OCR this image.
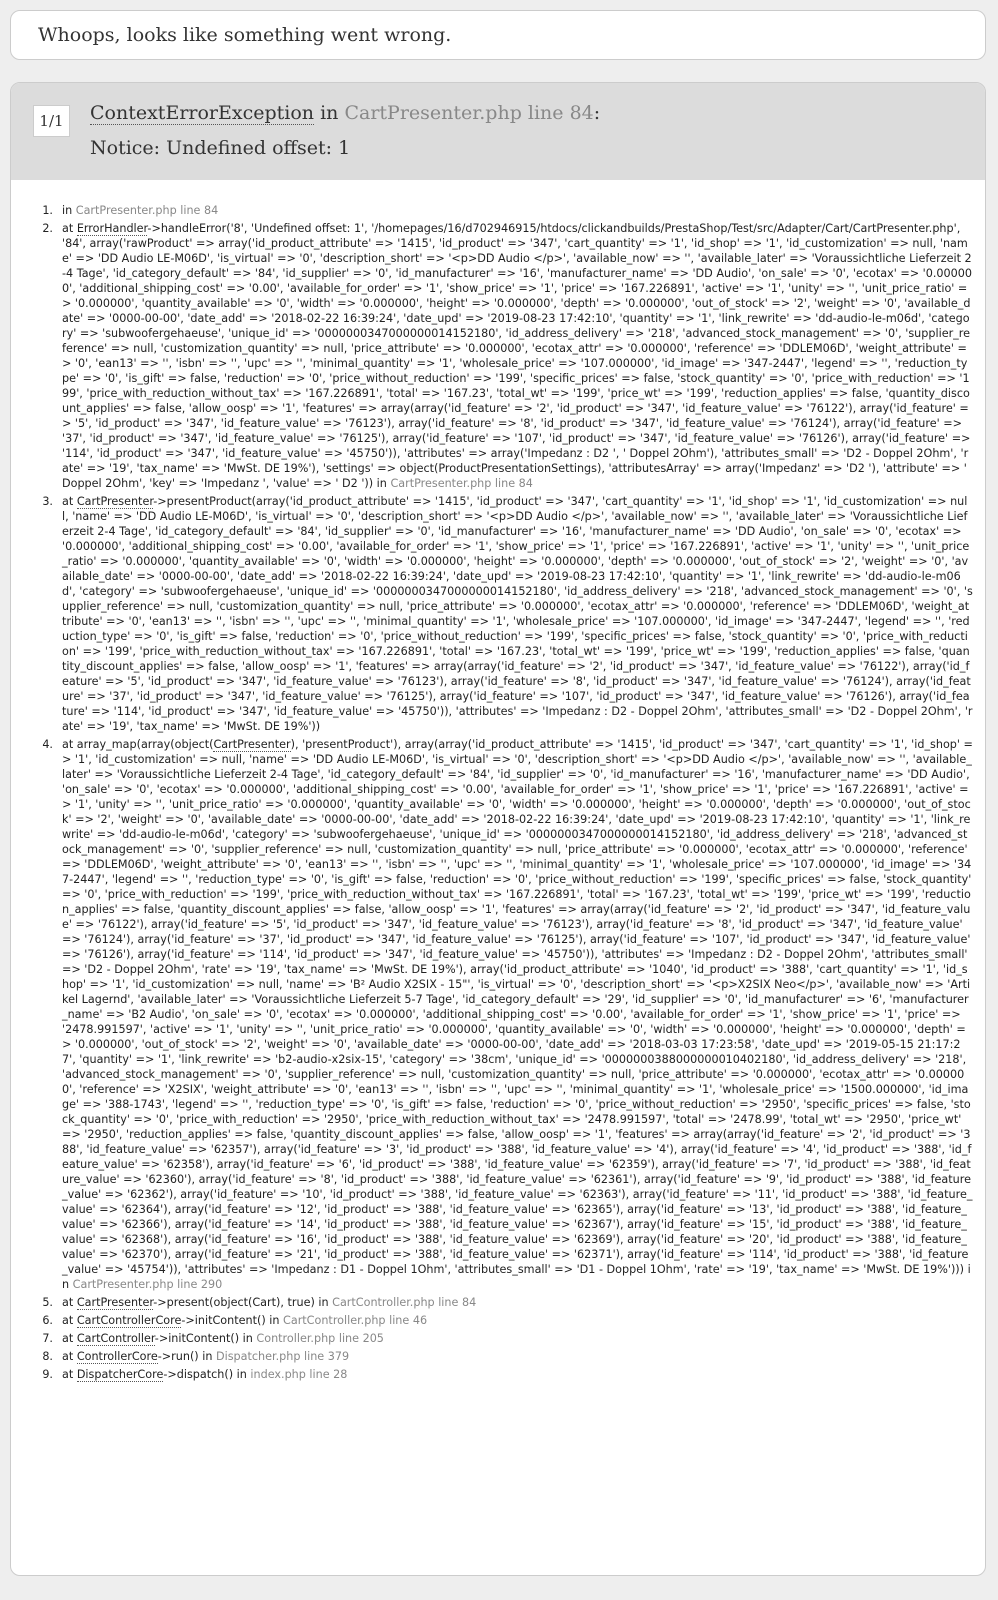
Whoops, looks like something went wrong.
1/1	ContextErrorException in CartPresenter.php line 84:
Notice: Undefined offset: 1
1. in CartPresenter.php line 84
2. at ErrorHandler->handleError('8', 'Undefined offset: 1', '/homepages/16/d702946915/htdocs/clickandbuilds/PrestaShop/Test/src/Adapter/Cart/CartPresenter.php', '84', array('rawProduct' => array('id_product_attribute' => '1415', 'id_product' => '347', 'cart_quantity' => '1', 'id_shop' => '1', 'id_customization' => null, 'name' => 'DD Audio LE-M06D', 'is_virtual' => '0', 'description_short' => '<p>DD Audio </p>', 'available_now' => '', 'available_later' => 'Voraussichtliche Lieferzeit 2-4 Tage', 'id_category_default' => '84', 'id_supplier' => '0', 'id_manufacturer' => '16', 'manufacturer_name' => 'DD Audio', 'on_sale' => '0', 'ecotax' => '0.000000', 'additional_shipping_cost' => '0.00', 'available_for_order' => '1', 'show_price' => '1', 'price' => '167.226891', 'active' => '1', 'unity' => '', 'unit_price_ratio' => '0.000000', 'quantity_available' => '0', 'width' => '0.000000', 'height' => '0.000000', 'depth' => '0.000000', 'out_of_stock' => '2', 'weight' => '0', 'available_date' => '0000-00-00', 'date_add' => '2018-02-22 16:39:24', 'date_upd' => '2019-08-23 17:42:10', 'quantity' => '1', 'link_rewrite' => 'dd-audio-le-m06d', 'category' => 'subwoofergehaeuse', 'unique_id' => '0000000347000000014152180', 'id_address_delivery' => '218', 'advanced_stock_management' => '0', 'supplier_reference' => null, 'customization_quantity' => null, 'price_attribute' => '0.000000', 'ecotax_attr' => '0.000000', 'reference' => 'DDLEM06D', 'weight_attribute' => '0', 'ean13' => '', 'isbn' => '', 'upc' => '', 'minimal_quantity' => '1', 'wholesale_price' => '107.000000', 'id_image' => '347-2447', 'legend' => '', 'reduction_type' => '0', 'is_gift' => false, 'reduction' => '0', 'price_without_reduction' => '199', 'specific_prices' => false, 'stock_quantity' => '0', 'price_with_reduction' => '199', 'price_with_reduction_without_tax' => '167.226891', 'total' => '167.23', 'total_wt' => '199', 'price_wt' => '199', 'reduction_applies' => false, 'quantity_discount_applies' => false, 'allow_oosp' => '1', 'features' => array(array('id_feature' => '2', 'id_product' => '347', 'id_feature_value' => '76122'), array('id_feature' => '5', 'id_product' => '347', 'id_feature_value' => '76123'), array('id_feature' => '8', 'id_product' => '347', 'id_feature_value' => '76124'), array('id_feature' => '37', 'id_product' => '347', 'id_feature_value' => '76125'), array('id_feature' => '107', 'id_product' => '347', 'id_feature_value' => '76126'), array('id_feature' => '114', 'id_product' => '347', 'id_feature_value' => '45750')), 'attributes' => array('Impedanz : D2 ', ' Doppel 2Ohm'), 'attributes_small' => 'D2 - Doppel 2Ohm', 'rate' => '19', 'tax_name' => 'MwSt. DE 19%'), 'settings' => object(ProductPresentationSettings), 'attributesArray' => array('Impedanz' => 'D2 '), 'attribute' => ' Doppel 2Ohm', 'key' => 'Impedanz ', 'value' => ' D2 ')) in CartPresenter.php line 84
3. at CartPresenter->presentProduct(array('id_product_attribute' => '1415', 'id_product' => '347', 'cart_quantity' => '1', 'id_shop' => '1', 'id_customization' => null, 'name' => 'DD Audio LE-M06D', 'is_virtual' => '0', 'description_short' => '<p>DD Audio </p>', 'available_now' => '', 'available_later' => 'Voraussichtliche Lieferzeit 2-4 Tage', 'id_category_default' => '84', 'id_supplier' => '0', 'id_manufacturer' => '16', 'manufacturer_name' => 'DD Audio', 'on_sale' => '0', 'ecotax' => '0.000000', 'additional_shipping_cost' => '0.00', 'available_for_order' => '1', 'show_price' => '1', 'price' => '167.226891', 'active' => '1', 'unity' => '', 'unit_price_ratio' => '0.000000', 'quantity_available' => '0', 'width' => '0.000000', 'height' => '0.000000', 'depth' => '0.000000', 'out_of_stock' => '2', 'weight' => '0', 'available_date' => '0000-00-00', 'date_add' => '2018-02-22 16:39:24', 'date_upd' => '2019-08-23 17:42:10', 'quantity' => '1', 'link_rewrite' => 'dd-audio-le-m06d', 'category' => 'subwoofergehaeuse', 'unique_id' => '0000000347000000014152180', 'id_address_delivery' => '218', 'advanced_stock_management' => '0', 'supplier_reference' => null, 'customization_quantity' => null, 'price_attribute' => '0.000000', 'ecotax_attr' => '0.000000', 'reference' => 'DDLEM06D', 'weight_attribute' => '0', 'ean13' => '', 'isbn' => '', 'upc' => '', 'minimal_quantity' => '1', 'wholesale_price' => '107.000000', 'id_image' => '347-2447', 'legend' => '', 'reduction_type' => '0', 'is_gift' => false, 'reduction' => '0', 'price_without_reduction' => '199', 'specific_prices' => false, 'stock_quantity' => '0', 'price_with_reduction' => '199', 'price_with_reduction_without_tax' => '167.226891', 'total' => '167.23', 'total_wt' => '199', 'price_wt' => '199', 'reduction_applies' => false, 'quantity_discount_applies' => false, 'allow_oosp' => '1', 'features' => array(array('id_feature' => '2', 'id_product' => '347', 'id_feature_value' => '76122'), array('id_feature' => '5', 'id_product' => '347', 'id_feature_value' => '76123'), array('id_feature' => '8', 'id_product' => '347', 'id_feature_value' => '76124'), array('id_feature' => '37', 'id_product' => '347', 'id_feature_value' => '76125'), array('id_feature' => '107', 'id_product' => '347', 'id_feature_value' => '76126'), array('id_feature' => '114', 'id_product' => '347', 'id_feature_value' => '45750')), 'attributes' => 'Impedanz : D2 - Doppel 2Ohm', 'attributes_small' => 'D2 - Doppel 2Ohm', 'rate' => '19', 'tax_name' => 'MwSt. DE 19%'))
4. at array_map(array(object(CartPresenter), 'presentProduct'), array(array('id_product_attribute' => '1415', 'id_product' => '347', 'cart_quantity' => '1', 'id_shop' => '1', 'id_customization' => null, 'name' => 'DD Audio LE-M06D', 'is_virtual' => '0', 'description_short' => '<p>DD Audio </p>', 'available_now' => '', 'available_later' => 'Voraussichtliche Lieferzeit 2-4 Tage', 'id_category_default' => '84', 'id_supplier' => '0', 'id_manufacturer' => '16', 'manufacturer_name' => 'DD Audio', 'on_sale' => '0', 'ecotax' => '0.000000', 'additional_shipping_cost' => '0.00', 'available_for_order' => '1', 'show_price' => '1', 'price' => '167.226891', 'active' => '1', 'unity' => '', 'unit_price_ratio' => '0.000000', 'quantity_available' => '0', 'width' => '0.000000', 'height' => '0.000000', 'depth' => '0.000000', 'out_of_stock' => '2', 'weight' => '0', 'available_date' => '0000-00-00', 'date_add' => '2018-02-22 16:39:24', 'date_upd' => '2019-08-23 17:42:10', 'quantity' => '1', 'link_rewrite' => 'dd-audio-le-m06d', 'category' => 'subwoofergehaeuse', 'unique_id' => '0000000347000000014152180', 'id_address_delivery' => '218', 'advanced_stock_management' => '0', 'supplier_reference' => null, 'customization_quantity' => null, 'price_attribute' => '0.000000', 'ecotax_attr' => '0.000000', 'reference' => 'DDLEM06D', 'weight_attribute' => '0', 'ean13' => '', 'isbn' => '', 'upc' => '', 'minimal_quantity' => '1', 'wholesale_price' => '107.000000', 'id_image' => '347-2447', 'legend' => '', 'reduction_type' => '0', 'is_gift' => false, 'reduction' => '0', 'price_without_reduction' => '199', 'specific_prices' => false, 'stock_quantity' => '0', 'price_with_reduction' => '199', 'price_with_reduction_without_tax' => '167.226891', 'total' => '167.23', 'total_wt' => '199', 'price_wt' => '199', 'reduction_applies' => false, 'quantity_discount_applies' => false, 'allow_oosp' => '1', 'features' => array(array('id_feature' => '2', 'id_product' => '347', 'id_feature_value' => '76122'), array('id_feature' => '5', 'id_product' => '347', 'id_feature_value' => '76123'), array('id_feature' => '8', 'id_product' => '347', 'id_feature_value' => '76124'), array('id_feature' => '37', 'id_product' => '347', 'id_feature_value' => '76125'), array('id_feature' => '107', 'id_product' => '347', 'id_feature_value' => '76126'), array('id_feature' => '114', 'id_product' => '347', 'id_feature_value' => '45750')), 'attributes' => 'Impedanz : D2 - Doppel 2Ohm', 'attributes_small' => 'D2 - Doppel 2Ohm', 'rate' => '19', 'tax_name' => 'MwSt. DE 19%'), array('id_product_attribute' => '1040', 'id_product' => '388', 'cart_quantity' => '1', 'id_shop' => '1', 'id_customization' => null, 'name' => 'B² Audio X2SIX - 15"', 'is_virtual' => '0', 'description_short' => '<p>X2SIX Neo</p>', 'available_now' => 'Artikel Lagernd', 'available_later' => 'Voraussichtliche Lieferzeit 5-7 Tage', 'id_category_default' => '29', 'id_supplier' => '0', 'id_manufacturer' => '6', 'manufacturer_name' => 'B2 Audio', 'on_sale' => '0', 'ecotax' => '0.000000', 'additional_shipping_cost' => '0.00', 'available_for_order' => '1', 'show_price' => '1', 'price' => '2478.991597', 'active' => '1', 'unity' => '', 'unit_price_ratio' => '0.000000', 'quantity_available' => '0', 'width' => '0.000000', 'height' => '0.000000', 'depth' => '0.000000', 'out_of_stock' => '2', 'weight' => '0', 'available_date' => '0000-00-00', 'date_add' => '2018-03-03 17:23:58', 'date_upd' => '2019-05-15 21:17:27', 'quantity' => '1', 'link_rewrite' => 'b2-audio-x2six-15', 'category' => '38cm', 'unique_id' => '0000000388000000010402180', 'id_address_delivery' => '218', 'advanced_stock_management' => '0', 'supplier_reference' => null, 'customization_quantity' => null, 'price_attribute' => '0.000000', 'ecotax_attr' => '0.000000', 'reference' => 'X2SIX', 'weight_attribute' => '0', 'ean13' => '', 'isbn' => '', 'upc' => '', 'minimal_quantity' => '1', 'wholesale_price' => '1500.000000', 'id_image' => '388-1743', 'legend' => '', 'reduction_type' => '0', 'is_gift' => false, 'reduction' => '0', 'price_without_reduction' => '2950', 'specific_prices' => false, 'stock_quantity' => '0', 'price_with_reduction' => '2950', 'price_with_reduction_without_tax' => '2478.991597', 'total' => '2478.99', 'total_wt' => '2950', 'price_wt' => '2950', 'reduction_applies' => false, 'quantity_discount_applies' => false, 'allow_oosp' => '1', 'features' => array(array('id_feature' => '2', 'id_product' => '388', 'id_feature_value' => '62357'), array('id_feature' => '3', 'id_product' => '388', 'id_feature_value' => '4'), array('id_feature' => '4', 'id_product' => '388', 'id_feature_value' => '62358'), array('id_feature' => '6', 'id_product' => '388', 'id_feature_value' => '62359'), array('id_feature' => '7', 'id_product' => '388', 'id_feature_value' => '62360'), array('id_feature' => '8', 'id_product' => '388', 'id_feature_value' => '62361'), array('id_feature' => '9', 'id_product' => '388', 'id_feature_value' => '62362'), array('id_feature' => '10', 'id_product' => '388', 'id_feature_value' => '62363'), array('id_feature' => '11', 'id_product' => '388', 'id_feature_value' => '62364'), array('id_feature' => '12', 'id_product' => '388', 'id_feature_value' => '62365'), array('id_feature' => '13', 'id_product' => '388', 'id_feature_value' => '62366'), array('id_feature' => '14', 'id_product' => '388', 'id_feature_value' => '62367'), array('id_feature' => '15', 'id_product' => '388', 'id_feature_value' => '62368'), array('id_feature' => '16', 'id_product' => '388', 'id_feature_value' => '62369'), array('id_feature' => '20', 'id_product' => '388', 'id_feature_value' => '62370'), array('id_feature' => '21', 'id_product' => '388', 'id_feature_value' => '62371'), array('id_feature' => '114', 'id_product' => '388', 'id_feature_value' => '45754')), 'attributes' => 'Impedanz : D1 - Doppel 1Ohm', 'attributes_small' => 'D1 - Doppel 1Ohm', 'rate' => '19', 'tax_name' => 'MwSt. DE 19%'))) in CartPresenter.php line 290
5. at CartPresenter->present(object(Cart), true) in CartController.php line 84
6. at CartControllerCore->initContent() in CartController.php line 46
7. at CartController->initContent() in Controller.php line 205
8. at ControllerCore->run() in Dispatcher.php line 379
9. at DispatcherCore->dispatch() in index.php line 28
